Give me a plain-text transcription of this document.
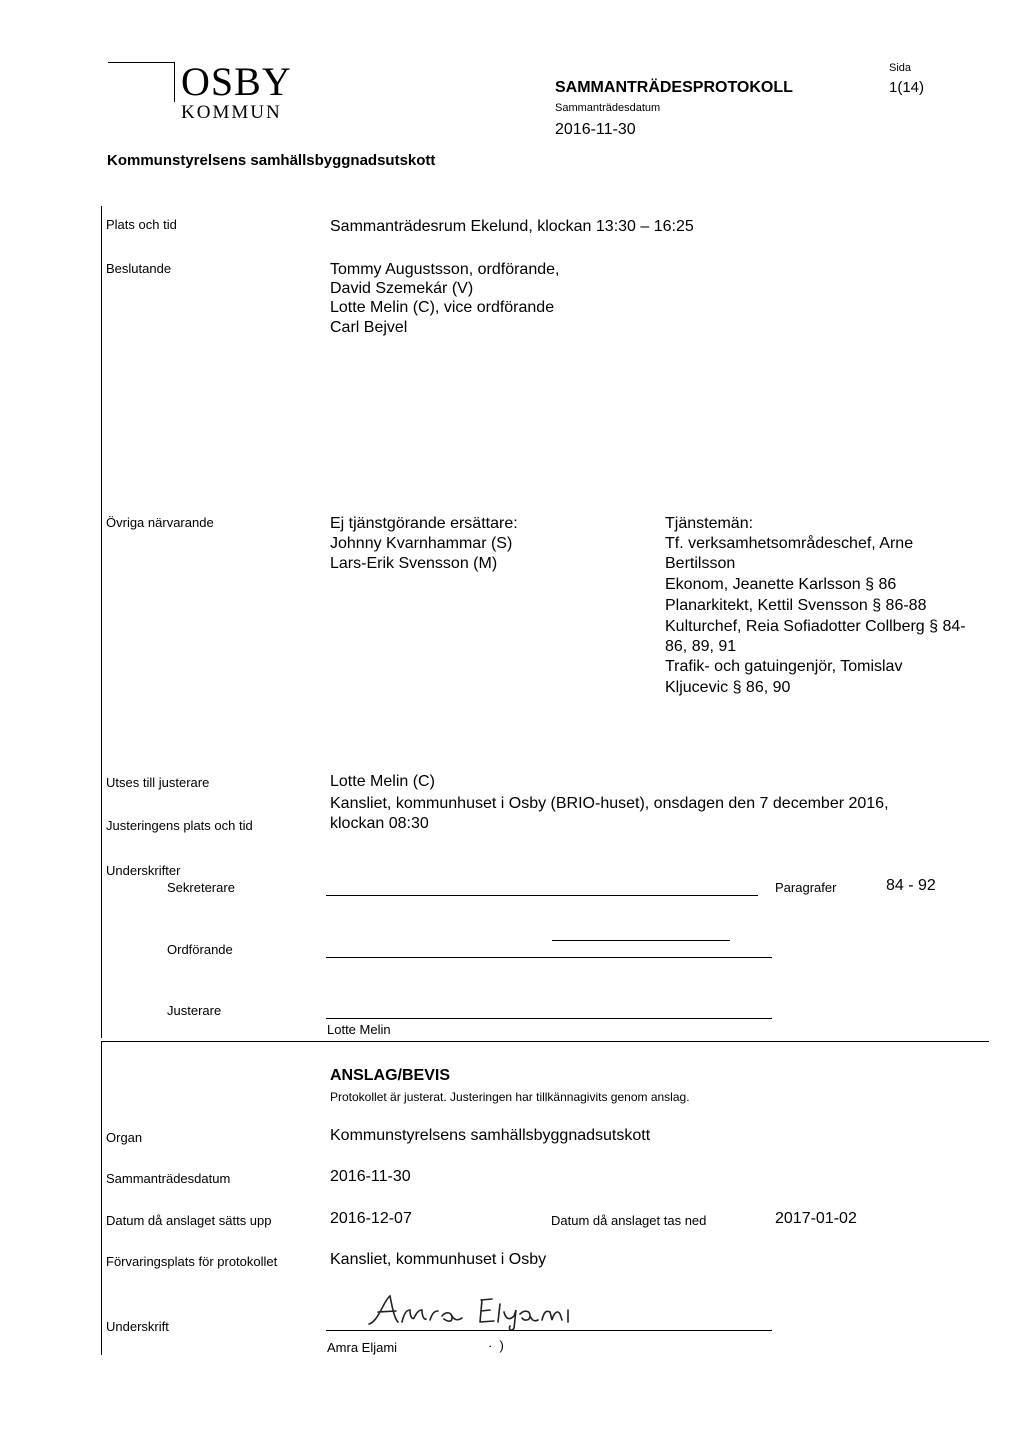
OSBY
KOMMUN
SAMMANTRÄDESPROTOKOLL
Sammanträdesdatum
2016-11-30
Sida
1(14)
Kommunstyrelsens samhällsbyggnadsutskott
Plats och tid	Sammanträdesrum Ekelund, klockan 13:30 – 16:25
Beslutande	Tommy Augustsson, ordförande,
David Szemekár (V)
Lotte Melin (C), vice ordförande
Carl Bejvel
Övriga närvarande	Ej tjänstgörande ersättare:
Johnny Kvarnhammar (S)
Lars-Erik Svensson (M)
Tjänstemän:
Tf. verksamhetsområdeschef, Arne
Bertilsson
Ekonom, Jeanette Karlsson § 86
Planarkitekt, Kettil Svensson § 86-88
Kulturchef, Reia Sofiadotter Collberg § 84-
86, 89, 91
Trafik- och gatuingenjör, Tomislav
Kljucevic § 86, 90
Utses till justerare	Lotte Melin (C)
Kansliet, kommunhuset i Osby (BRIO-huset), onsdagen den 7 december 2016,
Justeringens plats och tid	klockan 08:30
Underskrifter
Sekreterare	Paragrafer	84 - 92
Ordförande
Justerare
Lotte Melin
ANSLAG/BEVIS
Protokollet är justerat. Justeringen har tillkännagivits genom anslag.
Organ	Kommunstyrelsens samhällsbyggnadsutskott
Sammanträdesdatum	2016-11-30
Datum då anslaget sätts upp	2016-12-07	Datum då anslaget tas ned	2017-01-02
Förvaringsplats för protokollet	Kansliet, kommunhuset i Osby
Underskrift
Amra Eljami	·  )
